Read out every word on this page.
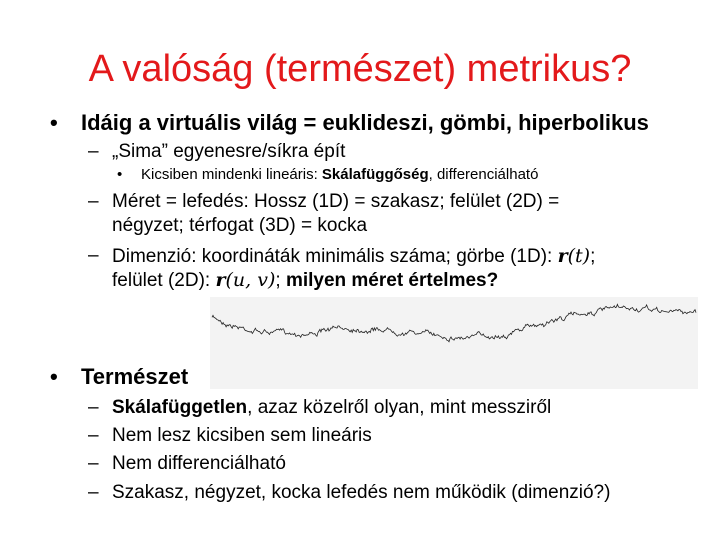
A valóság (természet) metrikus?
• Idáig a virtuális világ = euklideszi, gömbi, hiperbolikus
– „Sima” egyenesre/síkra épít
• Kicsiben mindenki lineáris: Skálafüggőség, differenciálható
– Méret = lefedés: Hossz (1D) = szakasz; felület (2D) =
négyzet; térfogat (3D) = kocka
– Dimenzió: koordináták minimális száma; görbe (1D): r(t);
felület (2D): r(u, v); milyen méret értelmes?
• Természet
– Skálafüggetlen, azaz közelről olyan, mint messziről
– Nem lesz kicsiben sem lineáris
– Nem differenciálható
– Szakasz, négyzet, kocka lefedés nem működik (dimenzió?)
